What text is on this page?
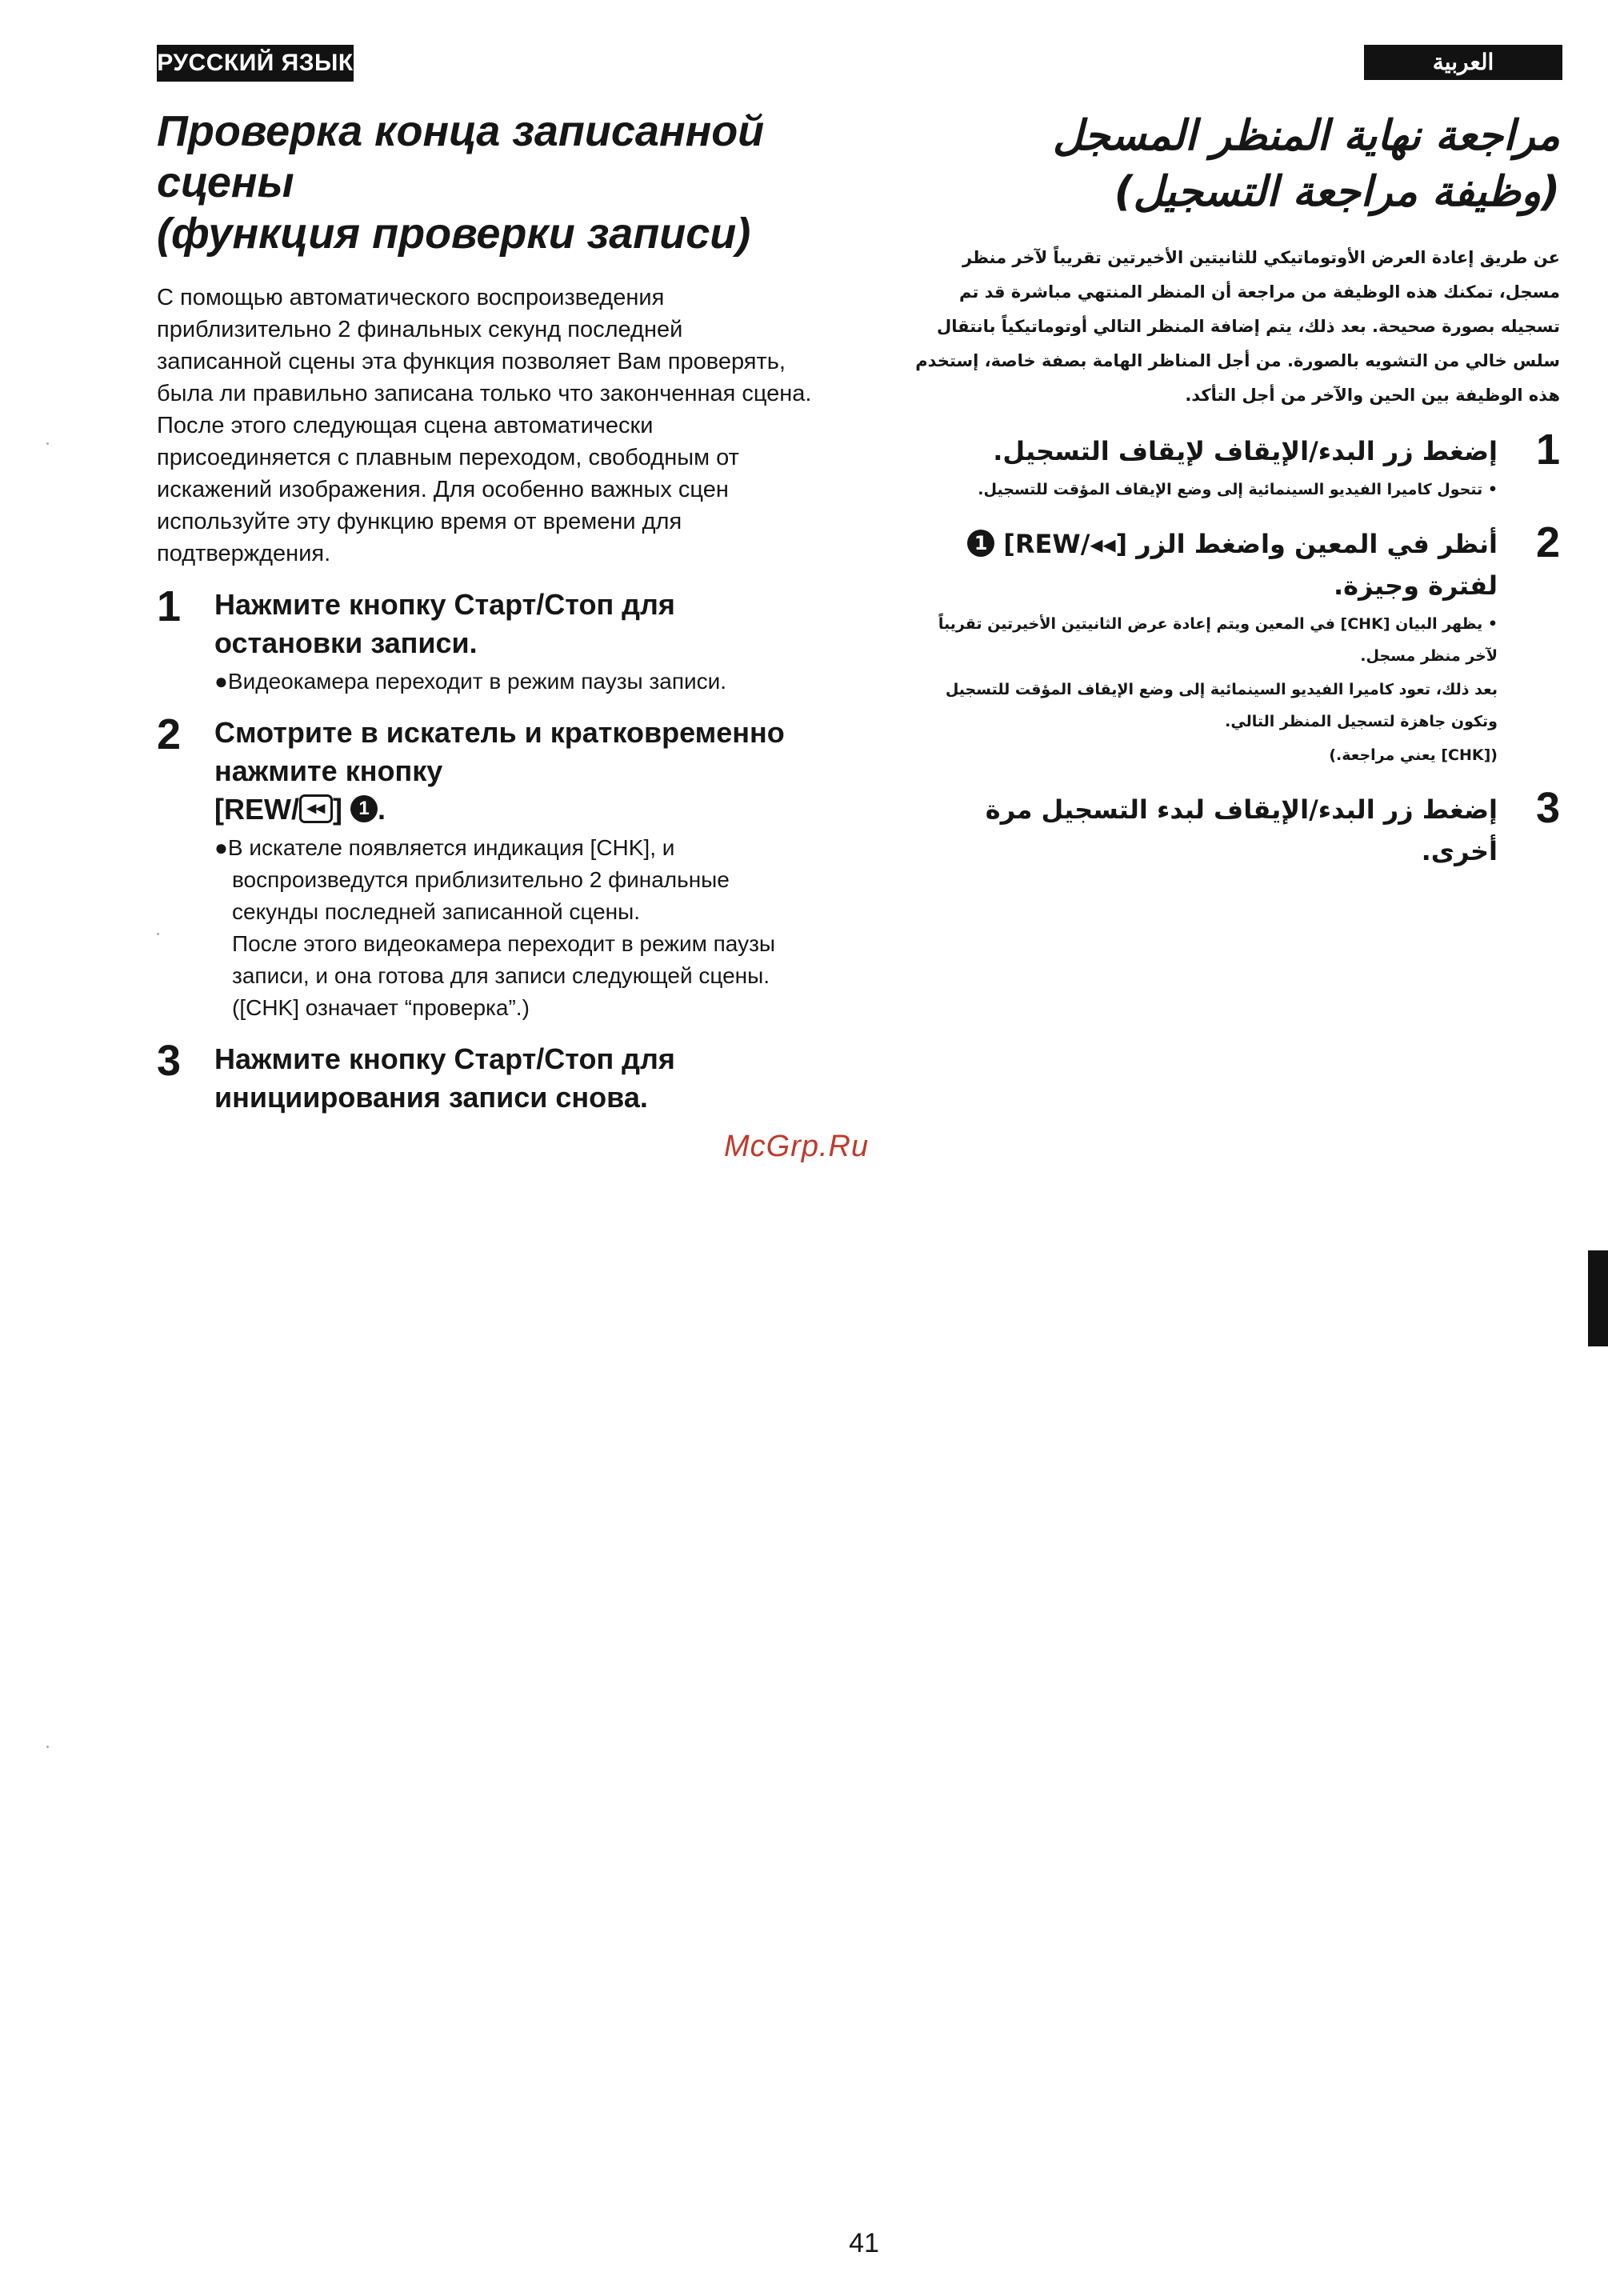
РУССКИЙ ЯЗЫК	العربية
Проверка конца записанной
сцены
(функция проверки записи)

С помощью автоматического воспроизведения приблизительно 2 финальных секунд последней записанной сцены эта функция позволяет Вам проверять, была ли правильно записана только что законченная сцена. После этого следующая сцена автоматически присоединяется с плавным переходом, свободным от искажений изображения. Для особенно важных сцен используйте эту функцию время от времени для подтверждения.

1 Нажмите кнопку Старт/Стоп для остановки записи.
●Видеокамера переходит в режим паузы записи.
2 Смотрите в искатель и кратковременно нажмите кнопку
[REW/ ◂◂ ] 1 .
●В искателе появляется индикация [CHK], и воспроизведутся приблизительно 2 финальные секунды последней записанной сцены.
После этого видеокамера переходит в режим паузы записи, и она готова для записи следующей сцены.
([CHK] означает “проверка”.)
3 Нажмите кнопку Старт/Стоп для инициирования записи снова.
مراجعة نهاية المنظر المسجل
(وظيفة مراجعة التسجيل)

عن طريق إعادة العرض الأوتوماتيكي للثانيتين الأخيرتين تقريباً لآخر منظر مسجل، تمكنك هذه الوظيفة من مراجعة أن المنظر المنتهي مباشرة قد تم تسجيله بصورة صحيحة. بعد ذلك، يتم إضافة المنظر التالي أوتوماتيكياً بانتقال سلس خالي من التشويه بالصورة. من أجل المناظر الهامة بصفة خاصة، إستخدم هذه الوظيفة بين الحين والآخر من أجل التأكد.

1
إضغط زر البدء/الإيقاف لإيقاف التسجيل.
• تتحول كاميرا الفيديو السينمائية إلى وضع الإيقاف المؤقت للتسجيل.
2
أنظر في المعين واضغط الزر [REW/◂◂] 1
لفترة وجيزة.
• يظهر البيان [CHK] في المعين ويتم إعادة عرض الثانيتين الأخيرتين تقريباً لآخر منظر مسجل.
بعد ذلك، تعود كاميرا الفيديو السينمائية إلى وضع الإيقاف المؤقت للتسجيل وتكون جاهزة لتسجيل المنظر التالي.
([CHK] يعني مراجعة.)
3
إضغط زر البدء/الإيقاف لبدء التسجيل مرة أخرى.
McGrp.Ru
41
